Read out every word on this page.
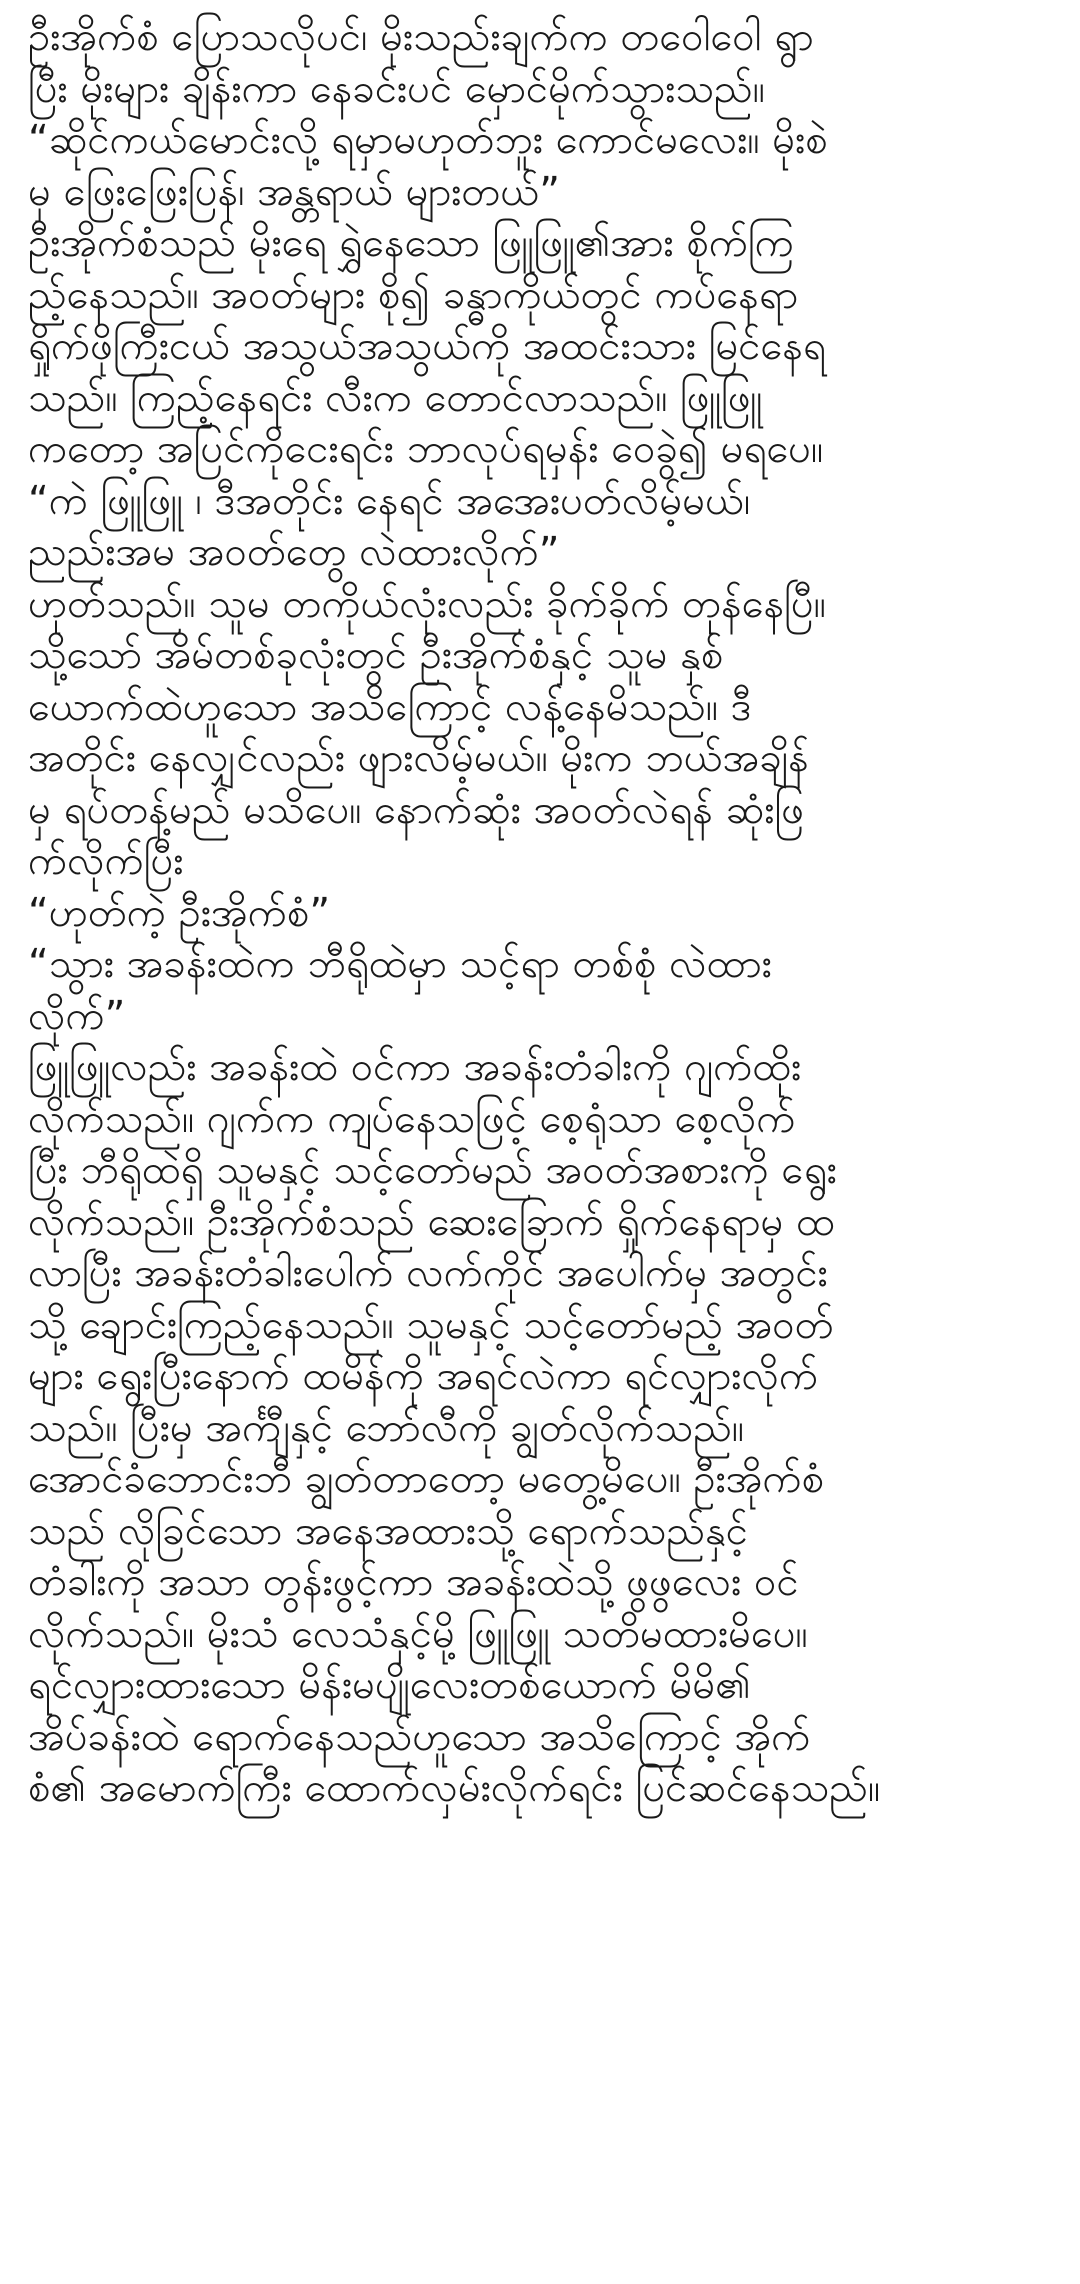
ဦးအိုက်စံ ပြောသလိုပင်၊ မိုးသည်းချက်က တဝေါဝေါ ရွာ
ပြီး မိုးများ ချိန်းကာ နေခင်းပင် မှောင်မိုက်သွားသည်။
“ဆိုင်ကယ်မောင်းလို့ ရမှာမဟုတ်ဘူး ကောင်မလေး။ မိုးစဲ
မှ ဖြေးဖြေးပြန်၊ အန္တရာယ် များတယ်”
ဦးအိုက်စံသည် မိုးရေ ရွှဲနေသော ဖြူဖြူ၏အား စိုက်ကြ
ည့်နေသည်။ အဝတ်များ စို၍ ခန္ဓာကိုယ်တွင် ကပ်နေရာ
ရှိုက်ဖိုကြီးငယ် အသွယ်အသွယ်ကို အထင်းသား မြင်နေရ
သည်။ ကြည့်နေရင်း လီးက တောင်လာသည်။ ဖြူဖြူ
ကတော့ အပြင်ကိုငေးရင်း ဘာလုပ်ရမှန်း ဝေခွဲ၍ မရပေ။
“ကဲ ဖြူဖြူ ၊ ဒီအတိုင်း နေရင် အအေးပတ်လိမ့်မယ်၊
ညည်းအမ အဝတ်တွေ လဲထားလိုက်”
ဟုတ်သည်။ သူမ တကိုယ်လုံးလည်း ခိုက်ခိုက် တုန်နေပြီ။
သို့သော် အိမ်တစ်ခုလုံးတွင် ဦးအိုက်စံနှင့် သူမ နှစ်
ယောက်ထဲဟူသော အသိကြောင့် လန့်နေမိသည်။ ဒီ
အတိုင်း နေလျှင်လည်း ဖျားလိမ့်မယ်။ မိုးက ဘယ်အချိန်
မှ ရပ်တန့်မည် မသိပေ။ နောက်ဆုံး အဝတ်လဲရန် ဆုံးဖြ
က်လိုက်ပြီး
“ဟုတ်ကဲ့ ဦးအိုက်စံ”
“သွား အခန်းထဲက ဘီရိုထဲမှာ သင့်ရာ တစ်စုံ လဲထား
လိုက်”
ဖြူဖြူလည်း အခန်းထဲ ဝင်ကာ အခန်းတံခါးကို ဂျက်ထိုး
လိုက်သည်။ ဂျက်က ကျပ်နေသဖြင့် စေ့ရုံသာ စေ့လိုက်
ပြီး ဘီရိုထဲရှိ သူမနှင့် သင့်တော်မည် အဝတ်အစားကို ရွေး
လိုက်သည်။ ဦးအိုက်စံသည် ဆေးခြောက် ရှိုက်နေရာမှ ထ
လာပြီး အခန်းတံခါးပေါက် လက်ကိုင် အပေါက်မှ အတွင်း
သို့ ချောင်းကြည့်နေသည်။ သူမနှင့် သင့်တော်မည့် အဝတ်
များ ရွေးပြီးနောက် ထမိန်ကို အရင်လဲကာ ရင်လျှားလိုက်
သည်။ ပြီးမှ အင်္ကျီနှင့် ဘော်လီကို ချွတ်လိုက်သည်။
အောင်ခံဘောင်းဘီ ချွတ်တာတော့ မတွေ့မိပေ။ ဦးအိုက်စံ
သည် လိုခြင်သော အနေအထားသို့ ရောက်သည်နှင့်
တံခါးကို အသာ တွန်းဖွင့်ကာ အခန်းထဲသို့ ဖွဖွလေး ဝင်
လိုက်သည်။ မိုးသံ လေသံနှင့်မို့ ဖြူဖြူ သတိမထားမိပေ။
ရင်လျှားထားသော မိန်းမပျိုလေးတစ်ယောက် မိမိ၏
အိပ်ခန်းထဲ ရောက်နေသည်ဟူသော အသိကြောင့် အိုက်
စံ၏ အမောက်ကြီး ထောက်လှမ်းလိုက်ရင်း ပြင်ဆင်နေသည်။
